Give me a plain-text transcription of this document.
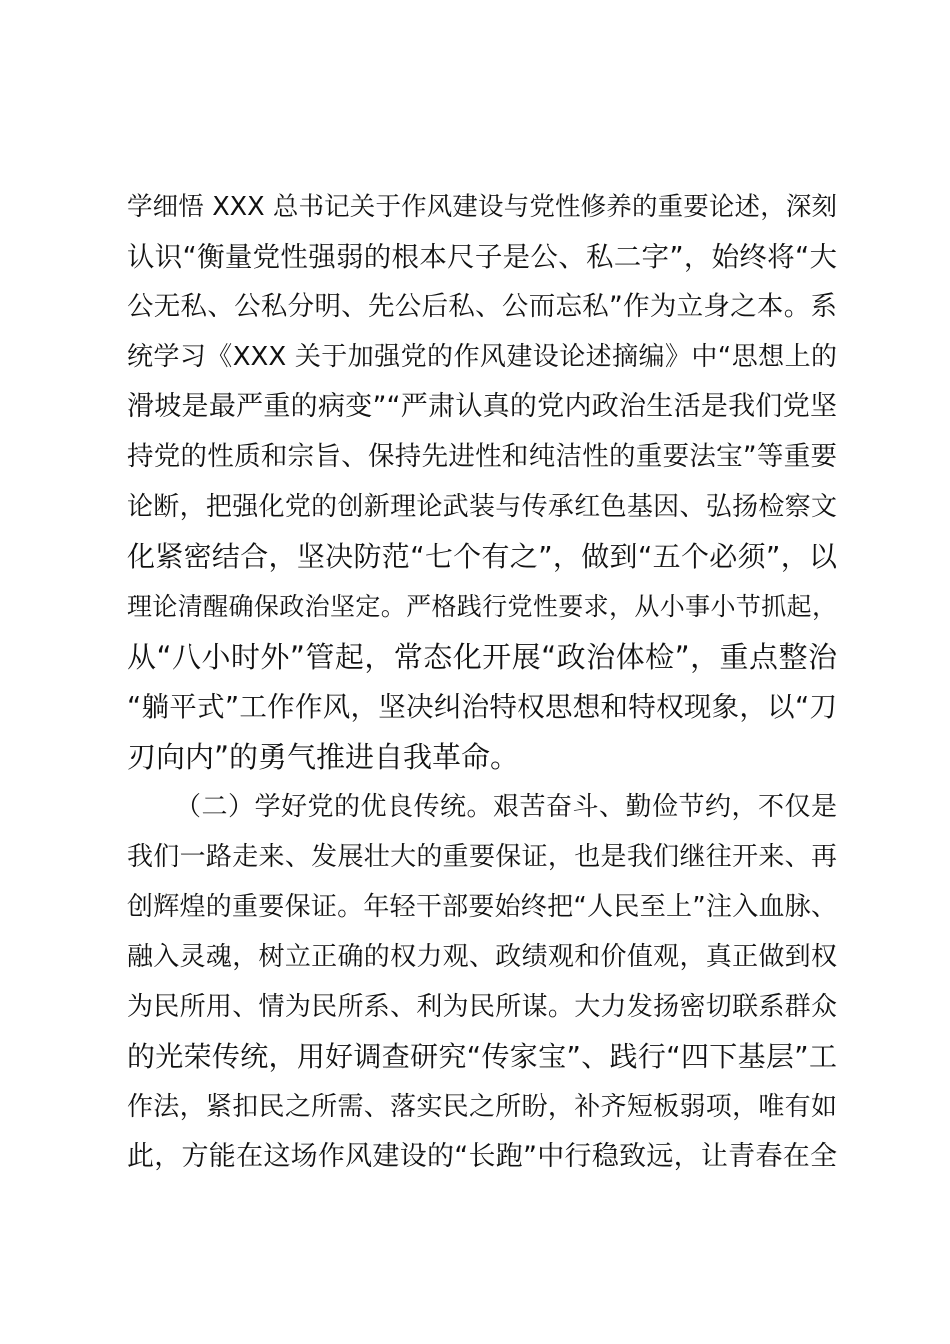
学细悟 XXX 总书记关于作风建设与党性修养的重要论述，深刻
认识“衡量党性强弱的根本尺子是公、私二字”，始终将“大
公无私、公私分明、先公后私、公而忘私”作为立身之本。系
统学习《XXX 关于加强党的作风建设论述摘编》中“思想上的
滑坡是最严重的病变”“严肃认真的党内政治生活是我们党坚
持党的性质和宗旨、保持先进性和纯洁性的重要法宝”等重要
论断，把强化党的创新理论武装与传承红色基因、弘扬检察文
化紧密结合，坚决防范“七个有之”，做到“五个必须”，以
理论清醒确保政治坚定。严格践行党性要求，从小事小节抓起，
从“八小时外”管起，常态化开展“政治体检”，重点整治
“躺平式”工作作风，坚决纠治特权思想和特权现象，以“刀
刃向内”的勇气推进自我革命。
（二）学好党的优良传统。艰苦奋斗、勤俭节约，不仅是
我们一路走来、发展壮大的重要保证，也是我们继往开来、再
创辉煌的重要保证。年轻干部要始终把“人民至上”注入血脉、
融入灵魂，树立正确的权力观、政绩观和价值观，真正做到权
为民所用、情为民所系、利为民所谋。大力发扬密切联系群众
的光荣传统，用好调查研究“传家宝”、践行“四下基层”工
作法，紧扣民之所需、落实民之所盼，补齐短板弱项，唯有如
此，方能在这场作风建设的“长跑”中行稳致远，让青春在全
